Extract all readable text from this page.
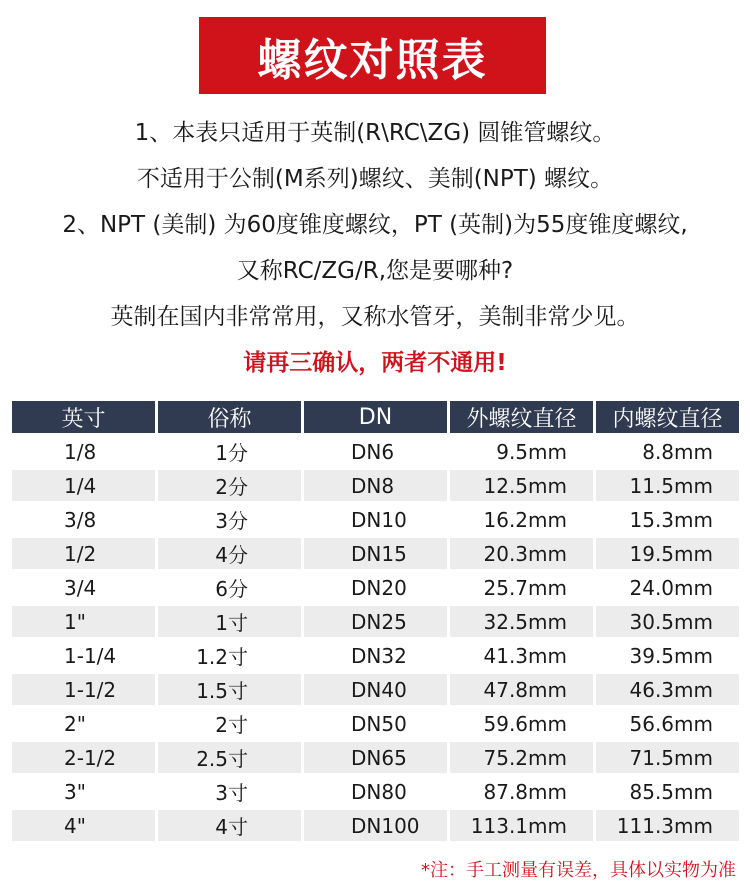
螺纹对照表
1、本表只适用于英制(R\RC\ZG) 圆锥管螺纹。
不适用于公制(M系列)螺纹、美制(NPT) 螺纹。
2、NPT (美制) 为60度锥度螺纹，PT (英制)为55度锥度螺纹,
又称RC/ZG/R,您是要哪种?
英制在国内非常常用，又称水管牙，美制非常少见。
请再三确认，两者不通用!
英寸	俗称	DN	外螺纹直径	内螺纹直径
1/8	1分	DN6	9.5mm	8.8mm
1/4	2分	DN8	12.5mm	11.5mm
3/8	3分	DN10	16.2mm	15.3mm
1/2	4分	DN15	20.3mm	19.5mm
3/4	6分	DN20	25.7mm	24.0mm
1"	1寸	DN25	32.5mm	30.5mm
1-1/4	1.2寸	DN32	41.3mm	39.5mm
1-1/2	1.5寸	DN40	47.8mm	46.3mm
2"	2寸	DN50	59.6mm	56.6mm
2-1/2	2.5寸	DN65	75.2mm	71.5mm
3"	3寸	DN80	87.8mm	85.5mm
4"	4寸	DN100	113.1mm	111.3mm
*注：手工测量有误差，具体以实物为准
